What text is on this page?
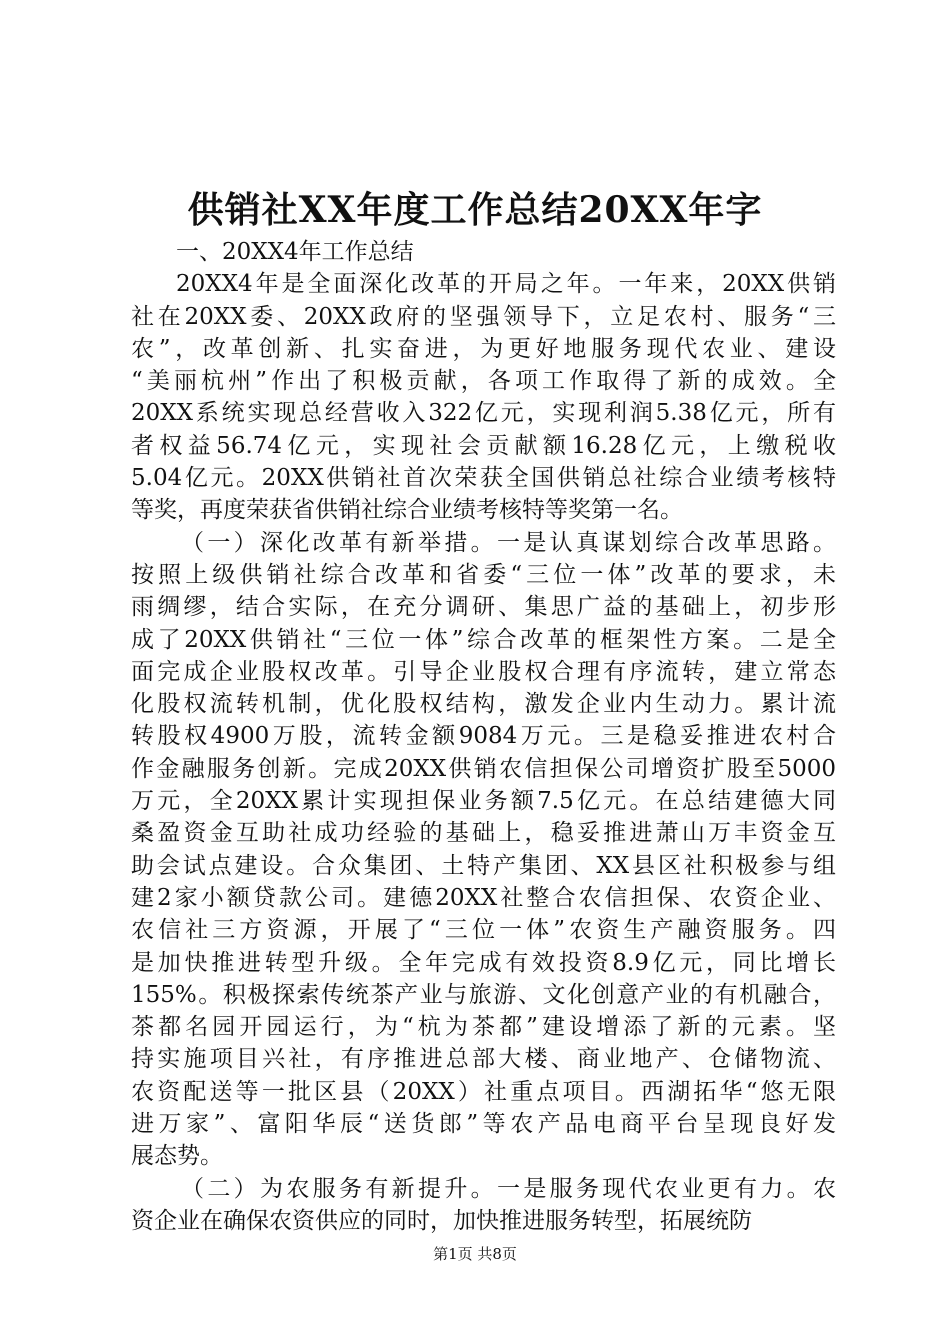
供销社XX年度工作总结20XX年字
一、20XX4年工作总结
20XX4年是全面深化改革的开局之年。一年来，20XX供销
社在20XX委、20XX政府的坚强领导下，立足农村、服务“三
农”，改革创新、扎实奋进，为更好地服务现代农业、建设
“美丽杭州”作出了积极贡献，各项工作取得了新的成效。全
20XX系统实现总经营收入322亿元，实现利润5.38亿元，所有
者权益56.74亿元，实现社会贡献额16.28亿元，上缴税收
5.04亿元。20XX供销社首次荣获全国供销总社综合业绩考核特
等奖，再度荣获省供销社综合业绩考核特等奖第一名。
（一）深化改革有新举措。一是认真谋划综合改革思路。
按照上级供销社综合改革和省委“三位一体”改革的要求，未
雨绸缪，结合实际，在充分调研、集思广益的基础上，初步形
成了20XX供销社“三位一体”综合改革的框架性方案。二是全
面完成企业股权改革。引导企业股权合理有序流转，建立常态
化股权流转机制，优化股权结构，激发企业内生动力。累计流
转股权4900万股，流转金额9084万元。三是稳妥推进农村合
作金融服务创新。完成20XX供销农信担保公司增资扩股至5000
万元，全20XX累计实现担保业务额7.5亿元。在总结建德大同
桑盈资金互助社成功经验的基础上，稳妥推进萧山万丰资金互
助会试点建设。合众集团、土特产集团、XX县区社积极参与组
建2家小额贷款公司。建德20XX社整合农信担保、农资企业、
农信社三方资源，开展了“三位一体”农资生产融资服务。四
是加快推进转型升级。全年完成有效投资8.9亿元，同比增长
155%。积极探索传统茶产业与旅游、文化创意产业的有机融合，
茶都名园开园运行，为“杭为茶都”建设增添了新的元素。坚
持实施项目兴社，有序推进总部大楼、商业地产、仓储物流、
农资配送等一批区县（20XX）社重点项目。西湖拓华“悠无限
进万家”、富阳华辰“送货郎”等农产品电商平台呈现良好发
展态势。
（二）为农服务有新提升。一是服务现代农业更有力。农
资企业在确保农资供应的同时，加快推进服务转型，拓展统防
第1页 共8页
